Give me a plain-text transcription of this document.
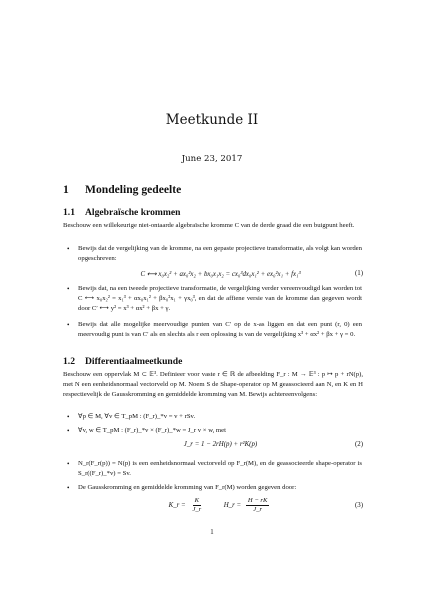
Meetkunde II
June 23, 2017
1 Mondeling gedeelte
1.1 Algebraïsche krommen
Beschouw een willekeurige niet-ontaarde algebraïsche kromme C van de derde graad die een buigpunt heeft.
• Bewijs dat de vergelijking van de kromme, na een gepaste projectieve transformatie, als volgt kan worden opgeschreven:
C ⟷ x₀x₂² + ax₀²x₂ + bx₀x₁x₂ = cx₀³dx₀x₁² + ex₀²x₁ + fx₁³	(1)
• Bewijs dat, na een tweede projectieve transformatie, de vergelijking verder vereenvoudigd kan worden tot C ⟷ x₀x₂² = x₁³ + αx₀x₁² + βx₀²x₁ + γx₀³, en dat de affiene versie van de kromme dan gegeven wordt door C′ ⟷ y² = x³ + αx² + βx + γ.
• Bewijs dat alle mogelijke meervoudige punten van C′ op de x-as liggen en dat een punt (r, 0) een meervoudig punt is van C′ als en slechts als r een oplossing is van de vergelijking x³ + αx² + βx + γ = 0.
1.2 Differentiaalmeetkunde
Beschouw een oppervlak M ⊂ 𝔼³. Definieer voor vaste r ∈ ℝ de afbeelding F_r : M → 𝔼³ : p ↦ p + rN(p), met N een eenheidsnormaal vectorveld op M. Noem S de Shape-operator op M geassocieerd aan N, en K en H respectievelijk de Gausskromming en gemiddelde kromming van M. Bewijs achtereenvolgens:
• ∀p ∈ M, ∀v ∈ T_pM : (F_r)_*v = v + rSv.
• ∀v, w ∈ T_pM : (F_r)_*v × (F_r)_*w = J_r v × w, met
J_r = 1 − 2rH(p) + r²K(p)	(2)
• N_r(F_r(p)) = N(p) is een eenheidsnormaal vectorveld op F_r(M), en de geassocieerde shape-operator is S_r((F_r)_*v) = Sv.
• De Gausskromming en gemiddelde kromming van F_r(M) worden gegeven door:
K_r = $\frac{K}{J\_r}$	H_r = $\frac{H - rK}{J\_r}$	(3)
1
